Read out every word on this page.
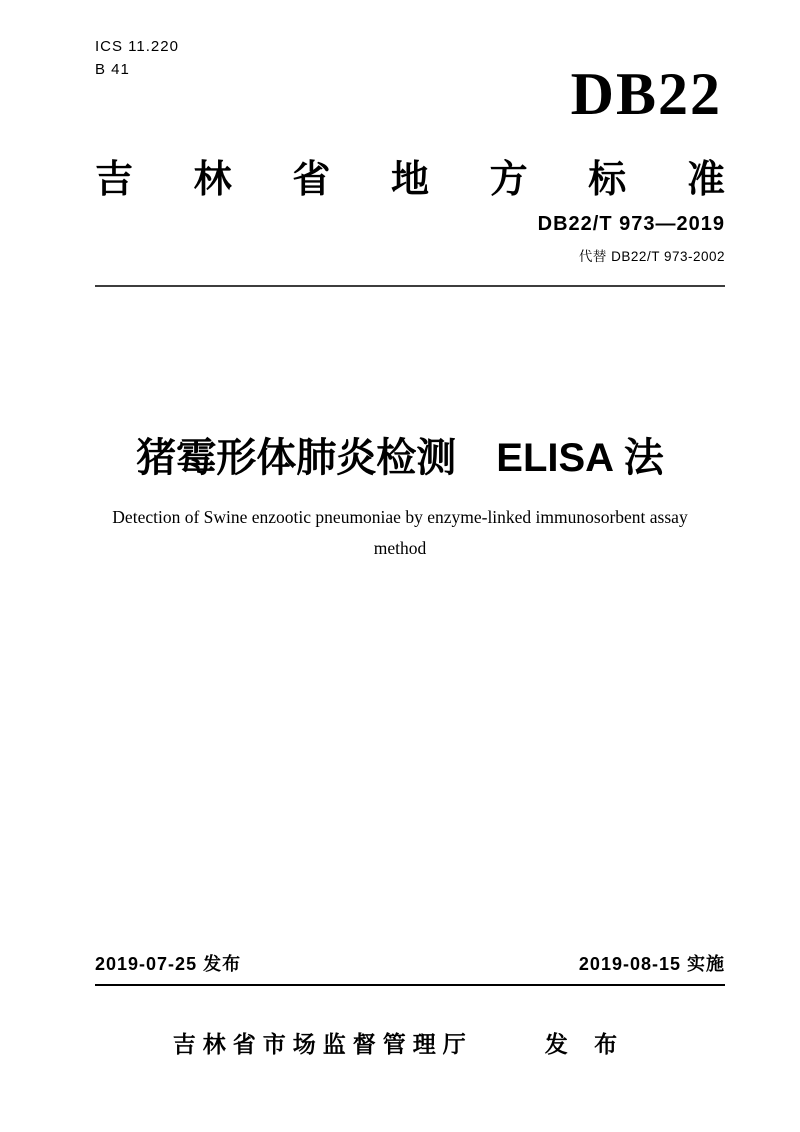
ICS 11.220
B 41	DB22
吉 林 省 地 方 标 准
DB22/T 973—2019
代替 DB22/T 973-2002
猪霉形体肺炎检测　ELISA 法
Detection of Swine enzootic pneumoniae by enzyme-linked immunosorbent assay
method
2019-07-25 发布	2019-08-15 实施
吉林省市场监督管理厅	发 布
